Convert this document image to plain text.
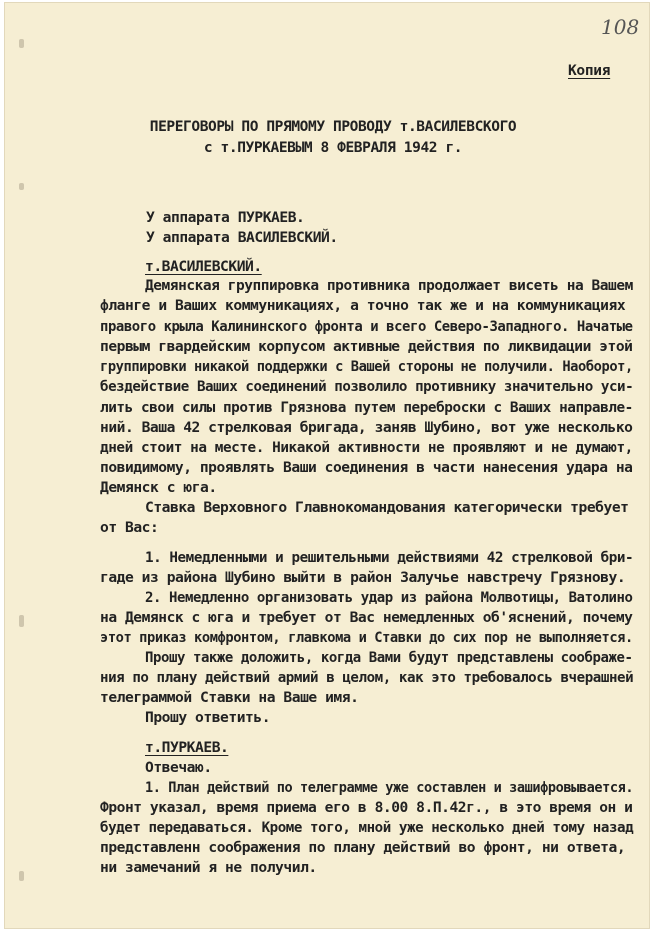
108
Копия
ПЕРЕГОВОРЫ ПО ПРЯМОМУ ПРОВОДУ т.ВАСИЛЕВСКОГО
с т.ПУРКАЕВЫМ 8 ФЕВРАЛЯ 1942 г.
У аппарата ПУРКАЕВ.
У аппарата ВАСИЛЕВСКИЙ.
т.ВАСИЛЕВСКИЙ.
Демянская группировка противника продолжает висеть на Вашем
фланге и Ваших коммуникациях, а точно так же и на коммуникациях
правого крыла Калининского фронта и всего Северо-Западного. Начатые
первым гвардейским корпусом активные действия по ликвидации этой
группировки никакой поддержки с Вашей стороны не получили. Наоборот,
бездействие Ваших соединений позволило противнику значительно уси-
лить свои силы против Грязнова путем переброски с Ваших направле-
ний. Ваша 42 стрелковая бригада, заняв Шубино, вот уже несколько
дней стоит на месте. Никакой активности не проявляют и не думают,
повидимому, проявлять Ваши соединения в части нанесения удара на
Демянск с юга.
Ставка Верховного Главнокомандования категорически требует
от Вас:
1. Немедленными и решительными действиями 42 стрелковой бри-
гаде из района Шубино выйти в район Залучье навстречу Грязнову.
2. Немедленно организовать удар из района Молвотицы, Ватолино
на Демянск с юга и требует от Вас немедленных об'яснений, почему
этот приказ комфронтом, главкома и Ставки до сих пор не выполняется.
Прошу также доложить, когда Вами будут представлены соображе-
ния по плану действий армий в целом, как это требовалось вчерашней
телеграммой Ставки на Ваше имя.
Прошу ответить.
т.ПУРКАЕВ.
Отвечаю.
1. План действий по телеграмме уже составлен и зашифровывается.
Фронт указал, время приема его в 8.00 8.П.42г., в это время он и
будет передаваться. Кроме того, мной уже несколько дней тому назад
представленн соображения по плану действий во фронт, ни ответа,
ни замечаний я не получил.
